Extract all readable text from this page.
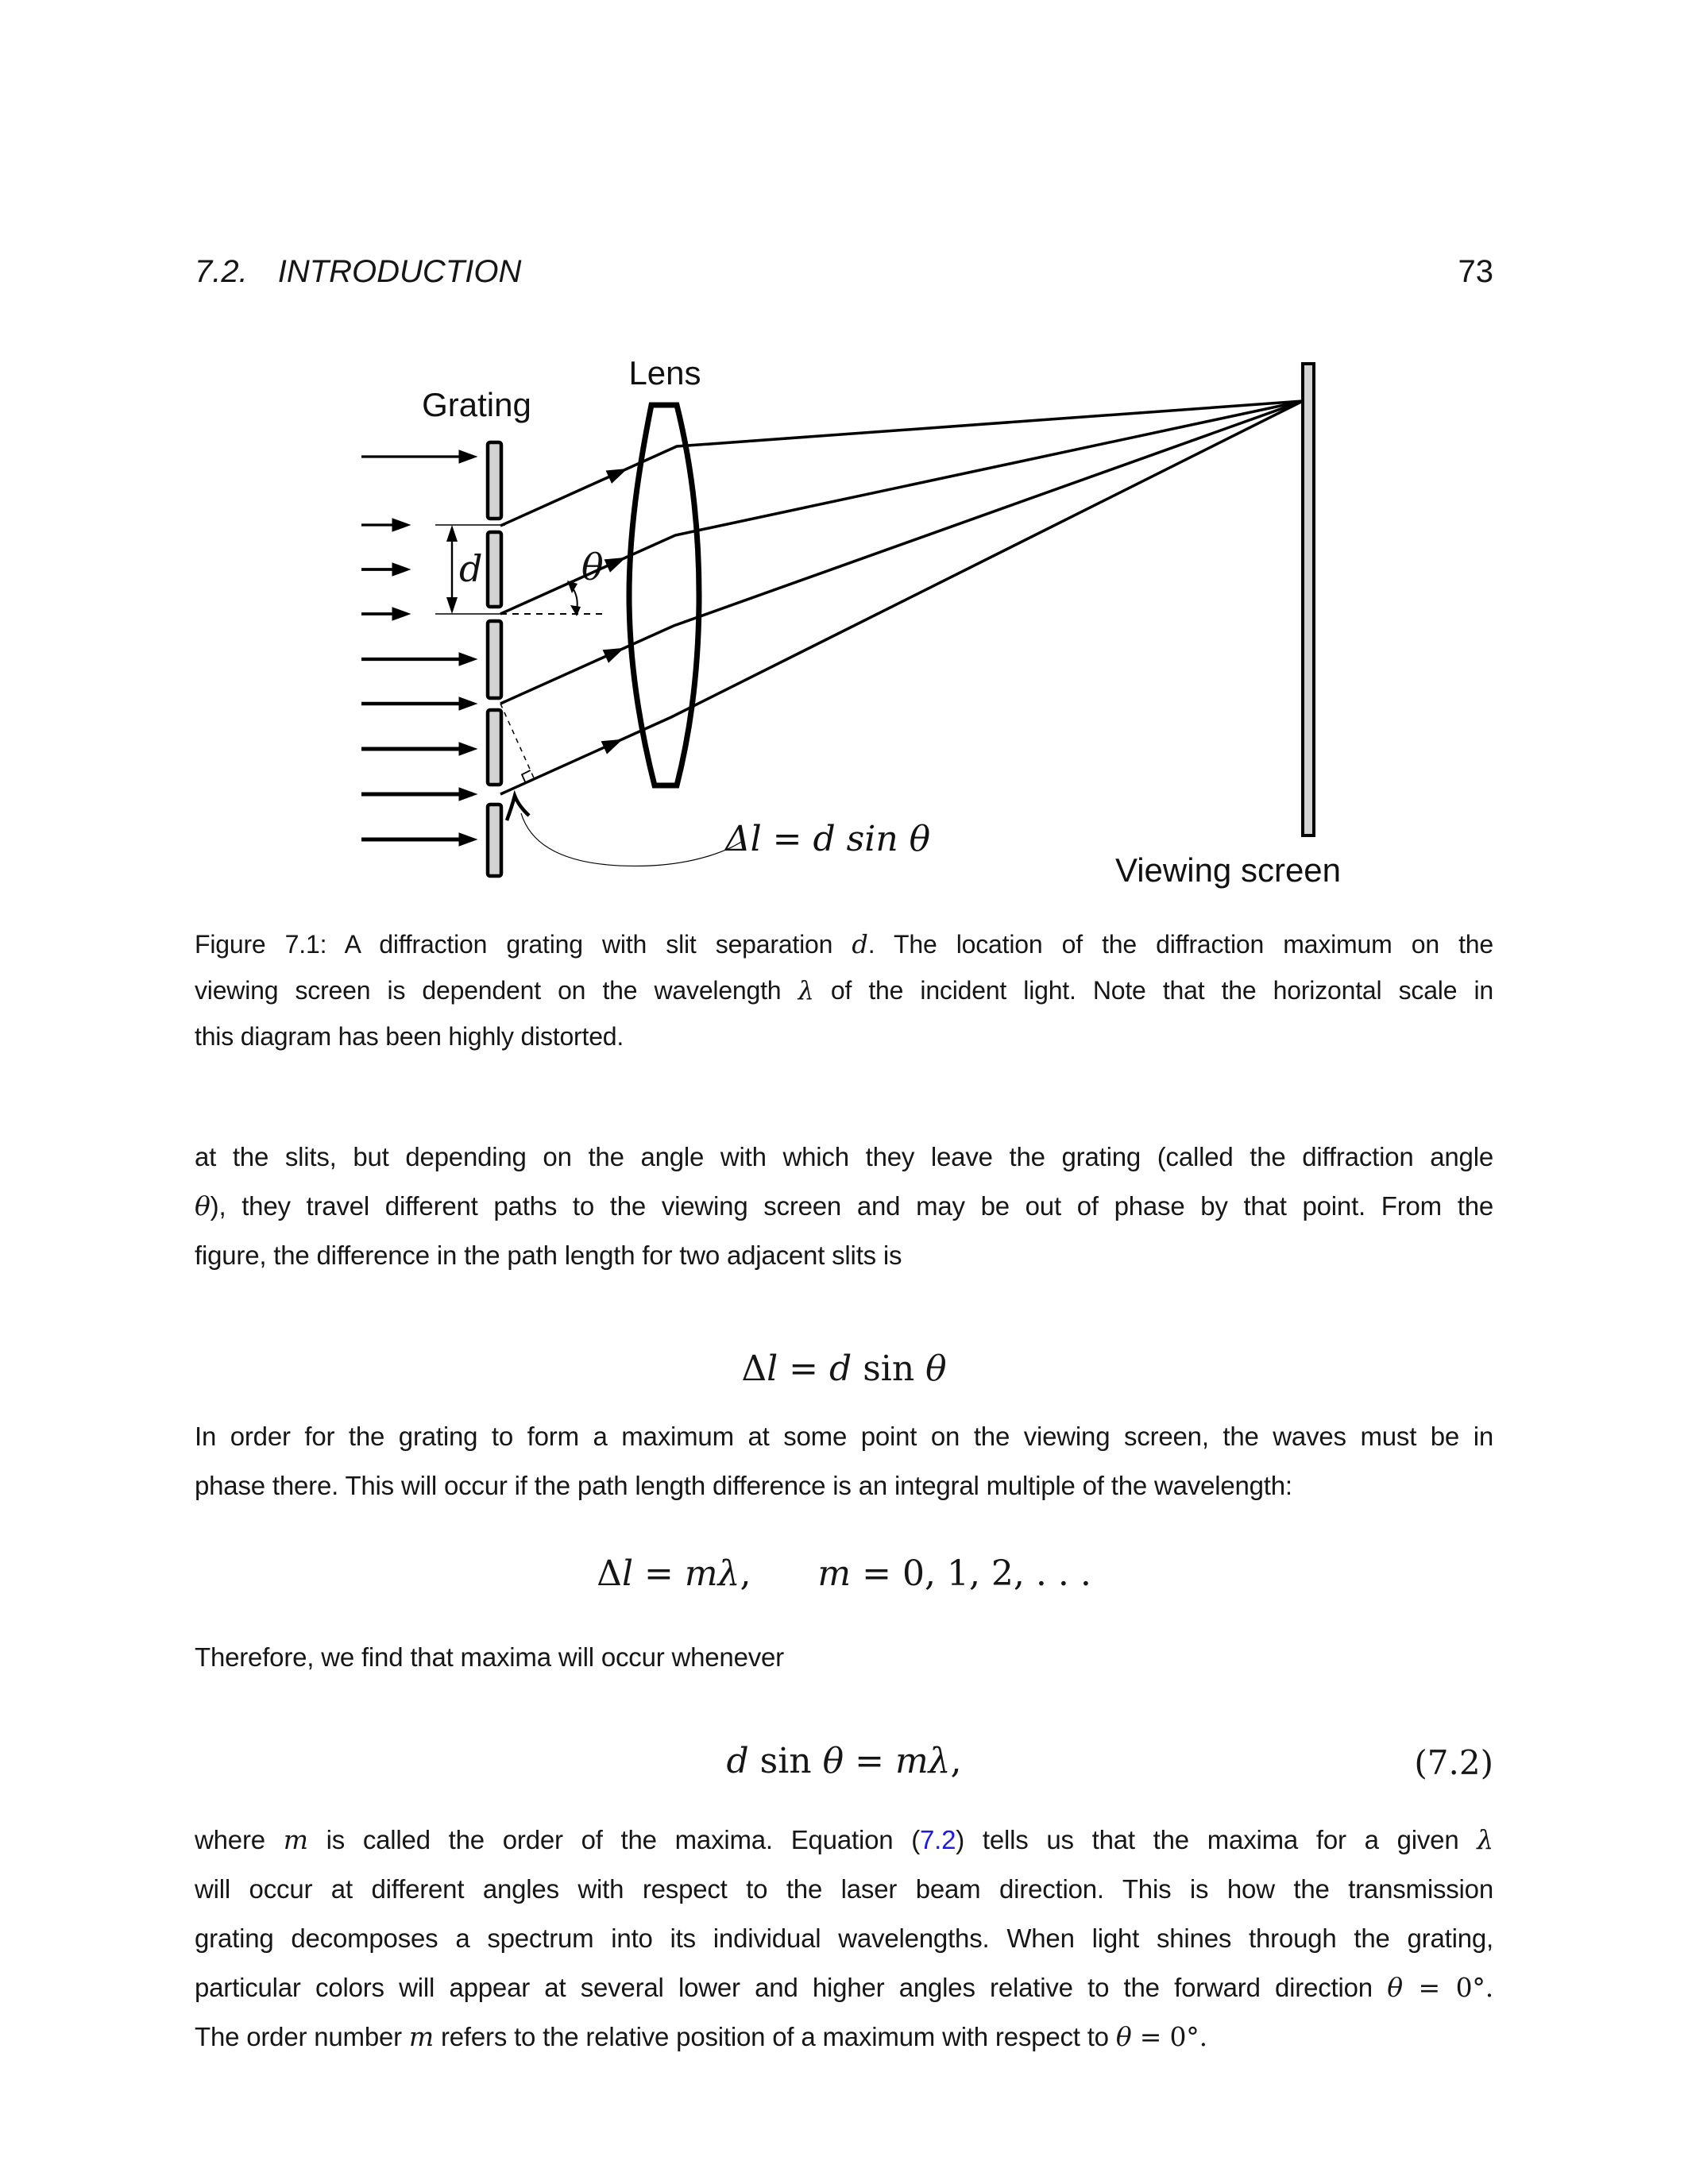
7.2. INTRODUCTION	73
d	θ
Δl = d sin θ
Grating
Lens
Viewing screen
Figure 7.1: A diffraction grating with slit separation d. The location of the diffraction maximum on the
viewing screen is dependent on the wavelength λ of the incident light. Note that the horizontal scale in
this diagram has been highly distorted.
at the slits, but depending on the angle with which they leave the grating (called the diffraction angle
θ), they travel different paths to the viewing screen and may be out of phase by that point. From the
figure, the difference in the path length for two adjacent slits is
Δl = d sin θ
In order for the grating to form a maximum at some point on the viewing screen, the waves must be in
phase there. This will occur if the path length difference is an integral multiple of the wavelength:
Δl = mλ, m = 0, 1, 2, . . .
Therefore, we find that maxima will occur whenever
d sin θ = mλ,	(7.2)
where m is called the order of the maxima. Equation (7.2) tells us that the maxima for a given λ
will occur at different angles with respect to the laser beam direction. This is how the transmission
grating decomposes a spectrum into its individual wavelengths. When light shines through the grating,
particular colors will appear at several lower and higher angles relative to the forward direction θ = 0°.
The order number m refers to the relative position of a maximum with respect to θ = 0°.
